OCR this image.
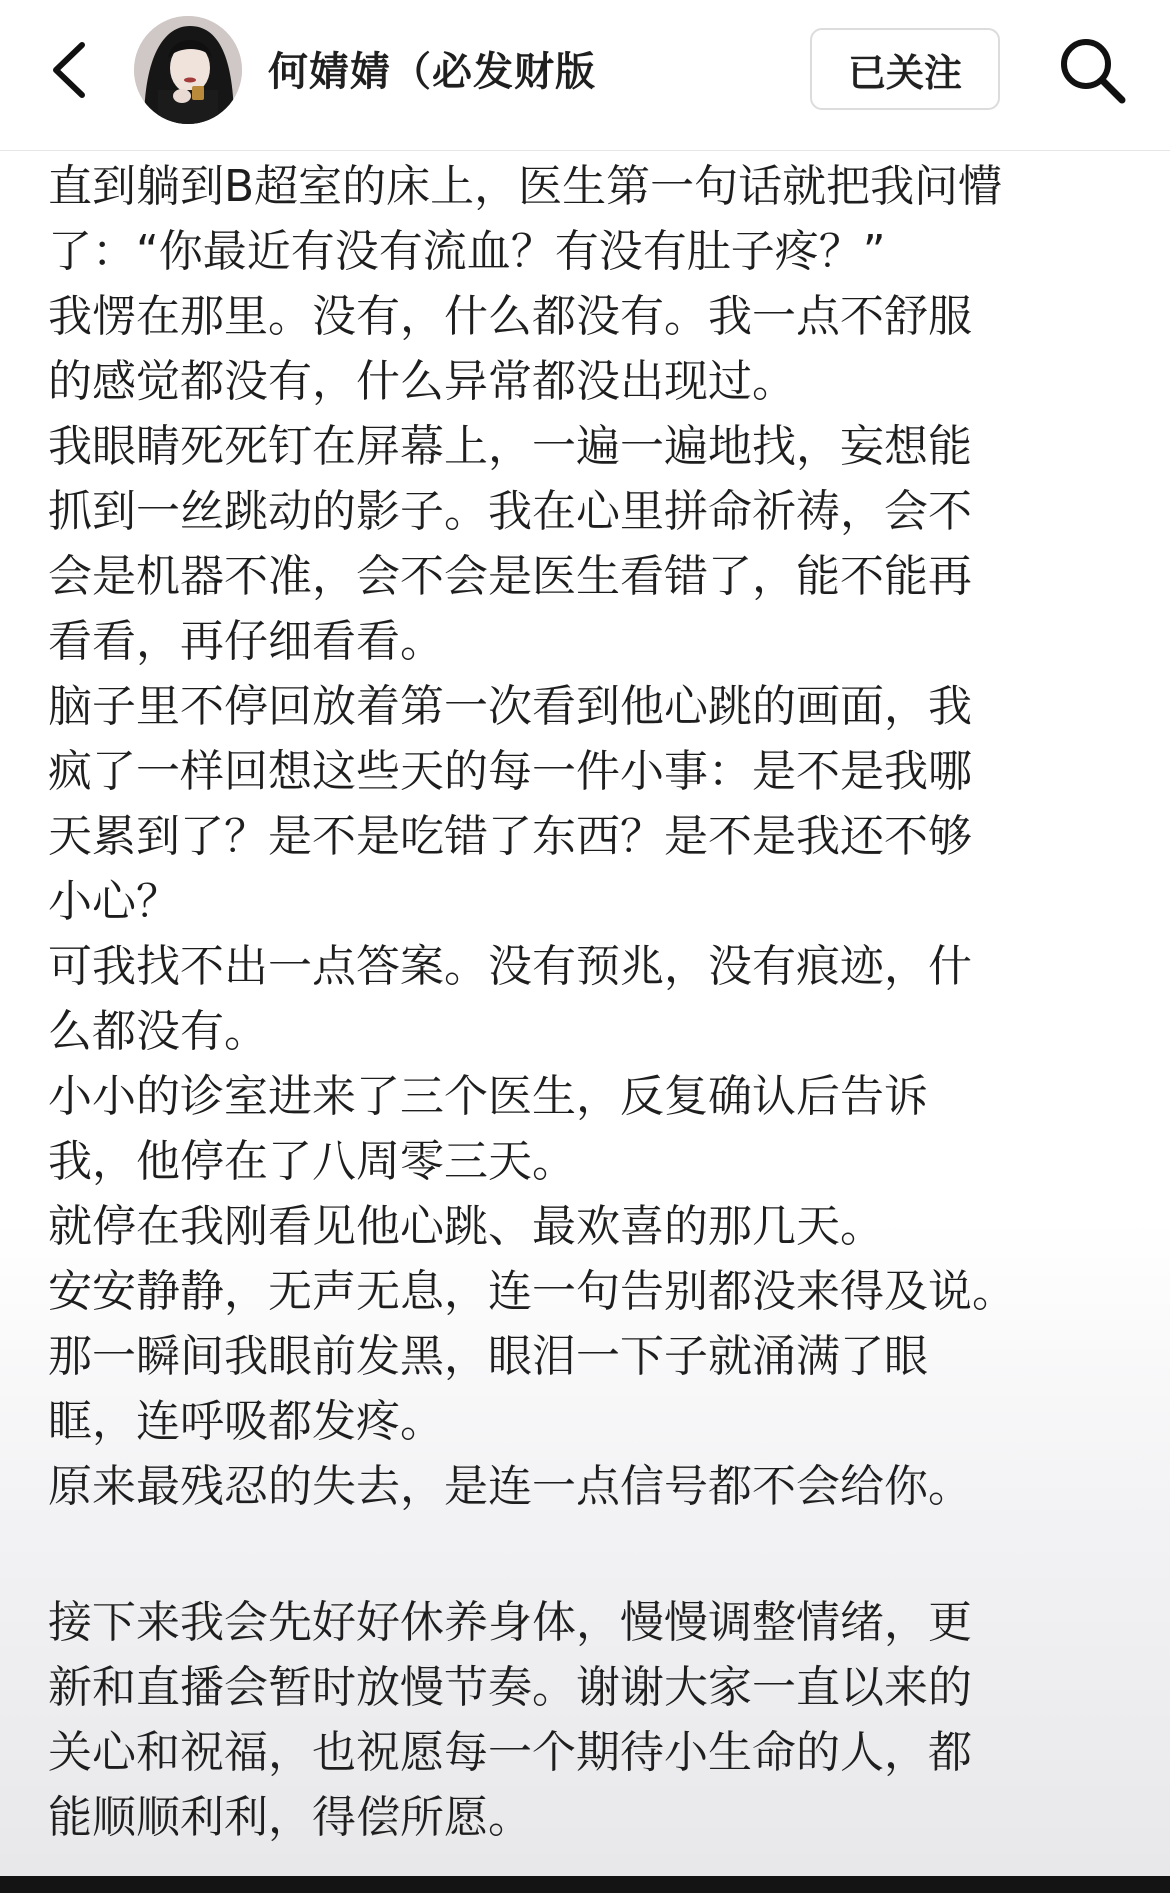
何婧婧（必发财版	已关注

直到躺到B超室的床上，医生第一句话就把我问懵
了：“你最近有没有流血？有没有肚子疼？”

我愣在那里。没有，什么都没有。我一点不舒服
的感觉都没有，什么异常都没出现过。

我眼睛死死钉在屏幕上，一遍一遍地找，妄想能
抓到一丝跳动的影子。我在心里拼命祈祷，会不
会是机器不准，会不会是医生看错了，能不能再
看看，再仔细看看。

脑子里不停回放着第一次看到他心跳的画面，我
疯了一样回想这些天的每一件小事：是不是我哪
天累到了？是不是吃错了东西？是不是我还不够
小心？

可我找不出一点答案。没有预兆，没有痕迹，什
么都没有。

小小的诊室进来了三个医生，反复确认后告诉
我，他停在了八周零三天。

就停在我刚看见他心跳、最欢喜的那几天。

安安静静，无声无息，连一句告别都没来得及说。

那一瞬间我眼前发黑，眼泪一下子就涌满了眼
眶，连呼吸都发疼。

原来最残忍的失去，是连一点信号都不会给你。

接下来我会先好好休养身体，慢慢调整情绪，更
新和直播会暂时放慢节奏。谢谢大家一直以来的
关心和祝福，也祝愿每一个期待小生命的人，都
能顺顺利利，得偿所愿。
